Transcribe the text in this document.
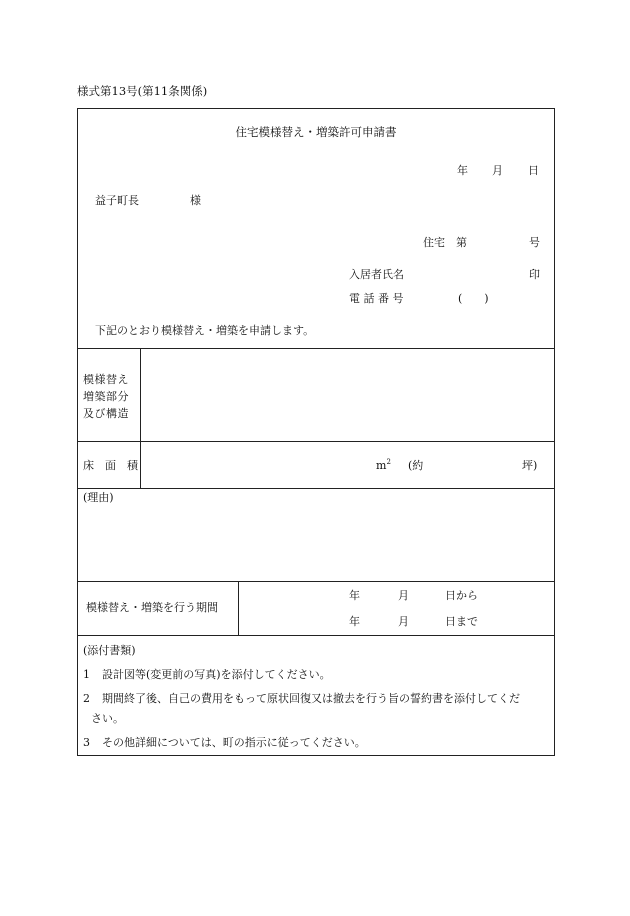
様式第13号(第11条関係)
住宅模様替え・増築許可申請書
年 月 日
益子町長	様
住宅 第	号
入居者氏名	印
電 話 番 号	(　　)
下記のとおり模様替え・増築を申請します。
模様替え
増築部分
及び構造
床　面　積	$m^2$ (約	坪)
(理由)
模様替え・増築を行う期間
年	月	日から
年	月	日まで
(添付書類)
1 設計図等(変更前の写真)を添付してください。
2 期間終了後、自己の費用をもって原状回復又は撤去を行う旨の誓約書を添付してくだ
さい。
3 その他詳細については、町の指示に従ってください。
